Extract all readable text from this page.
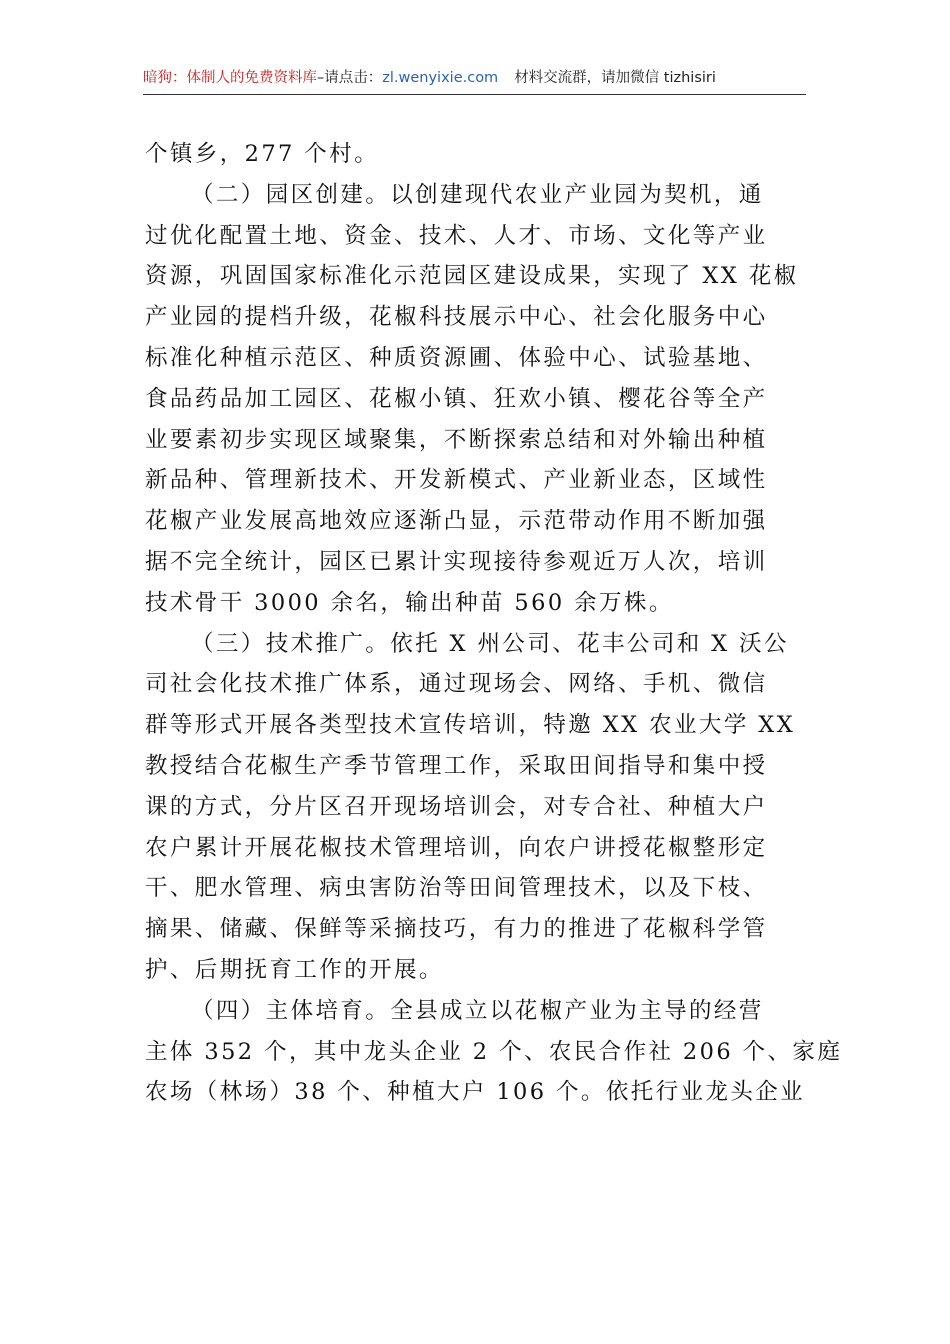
暗狗：体制人的免费资料库 –请点击： zl.wenyixie.com 材料交流群，请加微信 tizhisiri

个镇乡，277 个村。

（二）园区创建。以创建现代农业产业园为契机，通

过优化配置土地、资金、技术、人才、市场、文化等产业

资源，巩固国家标准化示范园区建设成果，实现了 XX 花椒

产业园的提档升级，花椒科技展示中心、社会化服务中心

标准化种植示范区、种质资源圃、体验中心、试验基地、

食品药品加工园区、花椒小镇、狂欢小镇、樱花谷等全产

业要素初步实现区域聚集，不断探索总结和对外输出种植

新品种、管理新技术、开发新模式、产业新业态，区域性

花椒产业发展高地效应逐渐凸显，示范带动作用不断加强

据不完全统计，园区已累计实现接待参观近万人次，培训

技术骨干 3000 余名，输出种苗 560 余万株。

（三）技术推广。依托 X 州公司、花丰公司和 X 沃公

司社会化技术推广体系，通过现场会、网络、手机、微信

群等形式开展各类型技术宣传培训，特邀 XX 农业大学 XX

教授结合花椒生产季节管理工作，采取田间指导和集中授

课的方式，分片区召开现场培训会，对专合社、种植大户

农户累计开展花椒技术管理培训，向农户讲授花椒整形定

干、肥水管理、病虫害防治等田间管理技术，以及下枝、

摘果、储藏、保鲜等采摘技巧，有力的推进了花椒科学管

护、后期抚育工作的开展。

（四）主体培育。全县成立以花椒产业为主导的经营

主体 352 个，其中龙头企业 2 个、农民合作社 206 个、家庭

农场（林场）38 个、种植大户 106 个。依托行业龙头企业
